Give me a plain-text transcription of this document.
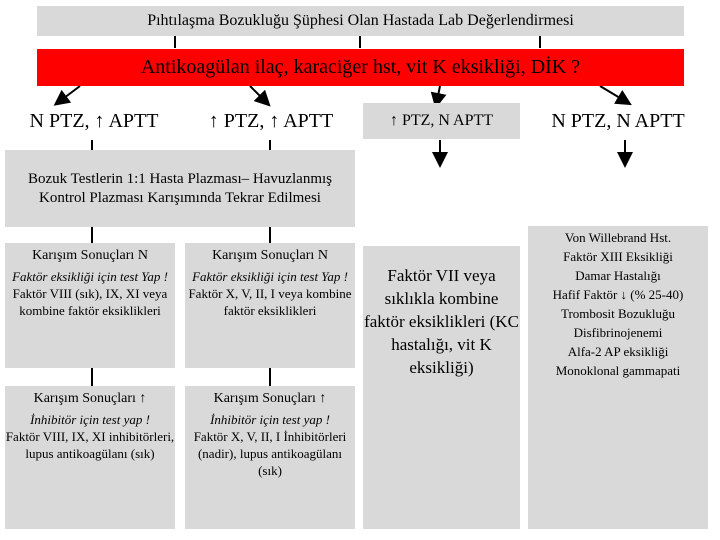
Pıhtılaşma Bozukluğu Şüphesi Olan Hastada Lab Değerlendirmesi
Antikoagülan ilaç, karaciğer hst, vit K eksikliği, DİK ?
N PTZ, ↑ APTT	↑ PTZ, ↑ APTT	↑ PTZ, N APTT	N PTZ, N APTT
Bozuk Testlerin 1:1 Hasta Plazması– Havuzlanmış Kontrol Plazması Karışımında Tekrar Edilmesi
Karışım Sonuçları N
Faktör eksikliği için test Yap !
Faktör VIII (sık), IX, XI veya kombine faktör eksiklikleri
Karışım Sonuçları N
Faktör eksikliği için test Yap !
Faktör X, V, II, I veya kombine faktör eksiklikleri
Karışım Sonuçları ↑
İnhibitör için test yap !
Faktör VIII, IX, XI inhibitörleri, lupus antikoagülanı (sık)
Karışım Sonuçları ↑
İnhibitör için test yap !
Faktör X, V, II, I İnhibitörleri (nadir), lupus antikoagülanı (sık)
Faktör VII veya sıklıkla kombine faktör eksiklikleri (KC hastalığı, vit K eksikliği)
Von Willebrand Hst.
Faktör XIII Eksikliği
Damar Hastalığı
Hafif Faktör ↓ (% 25-40)
Trombosit Bozukluğu
Disfibrinojenemi
Alfa-2 AP eksikliği
Monoklonal gammapati
